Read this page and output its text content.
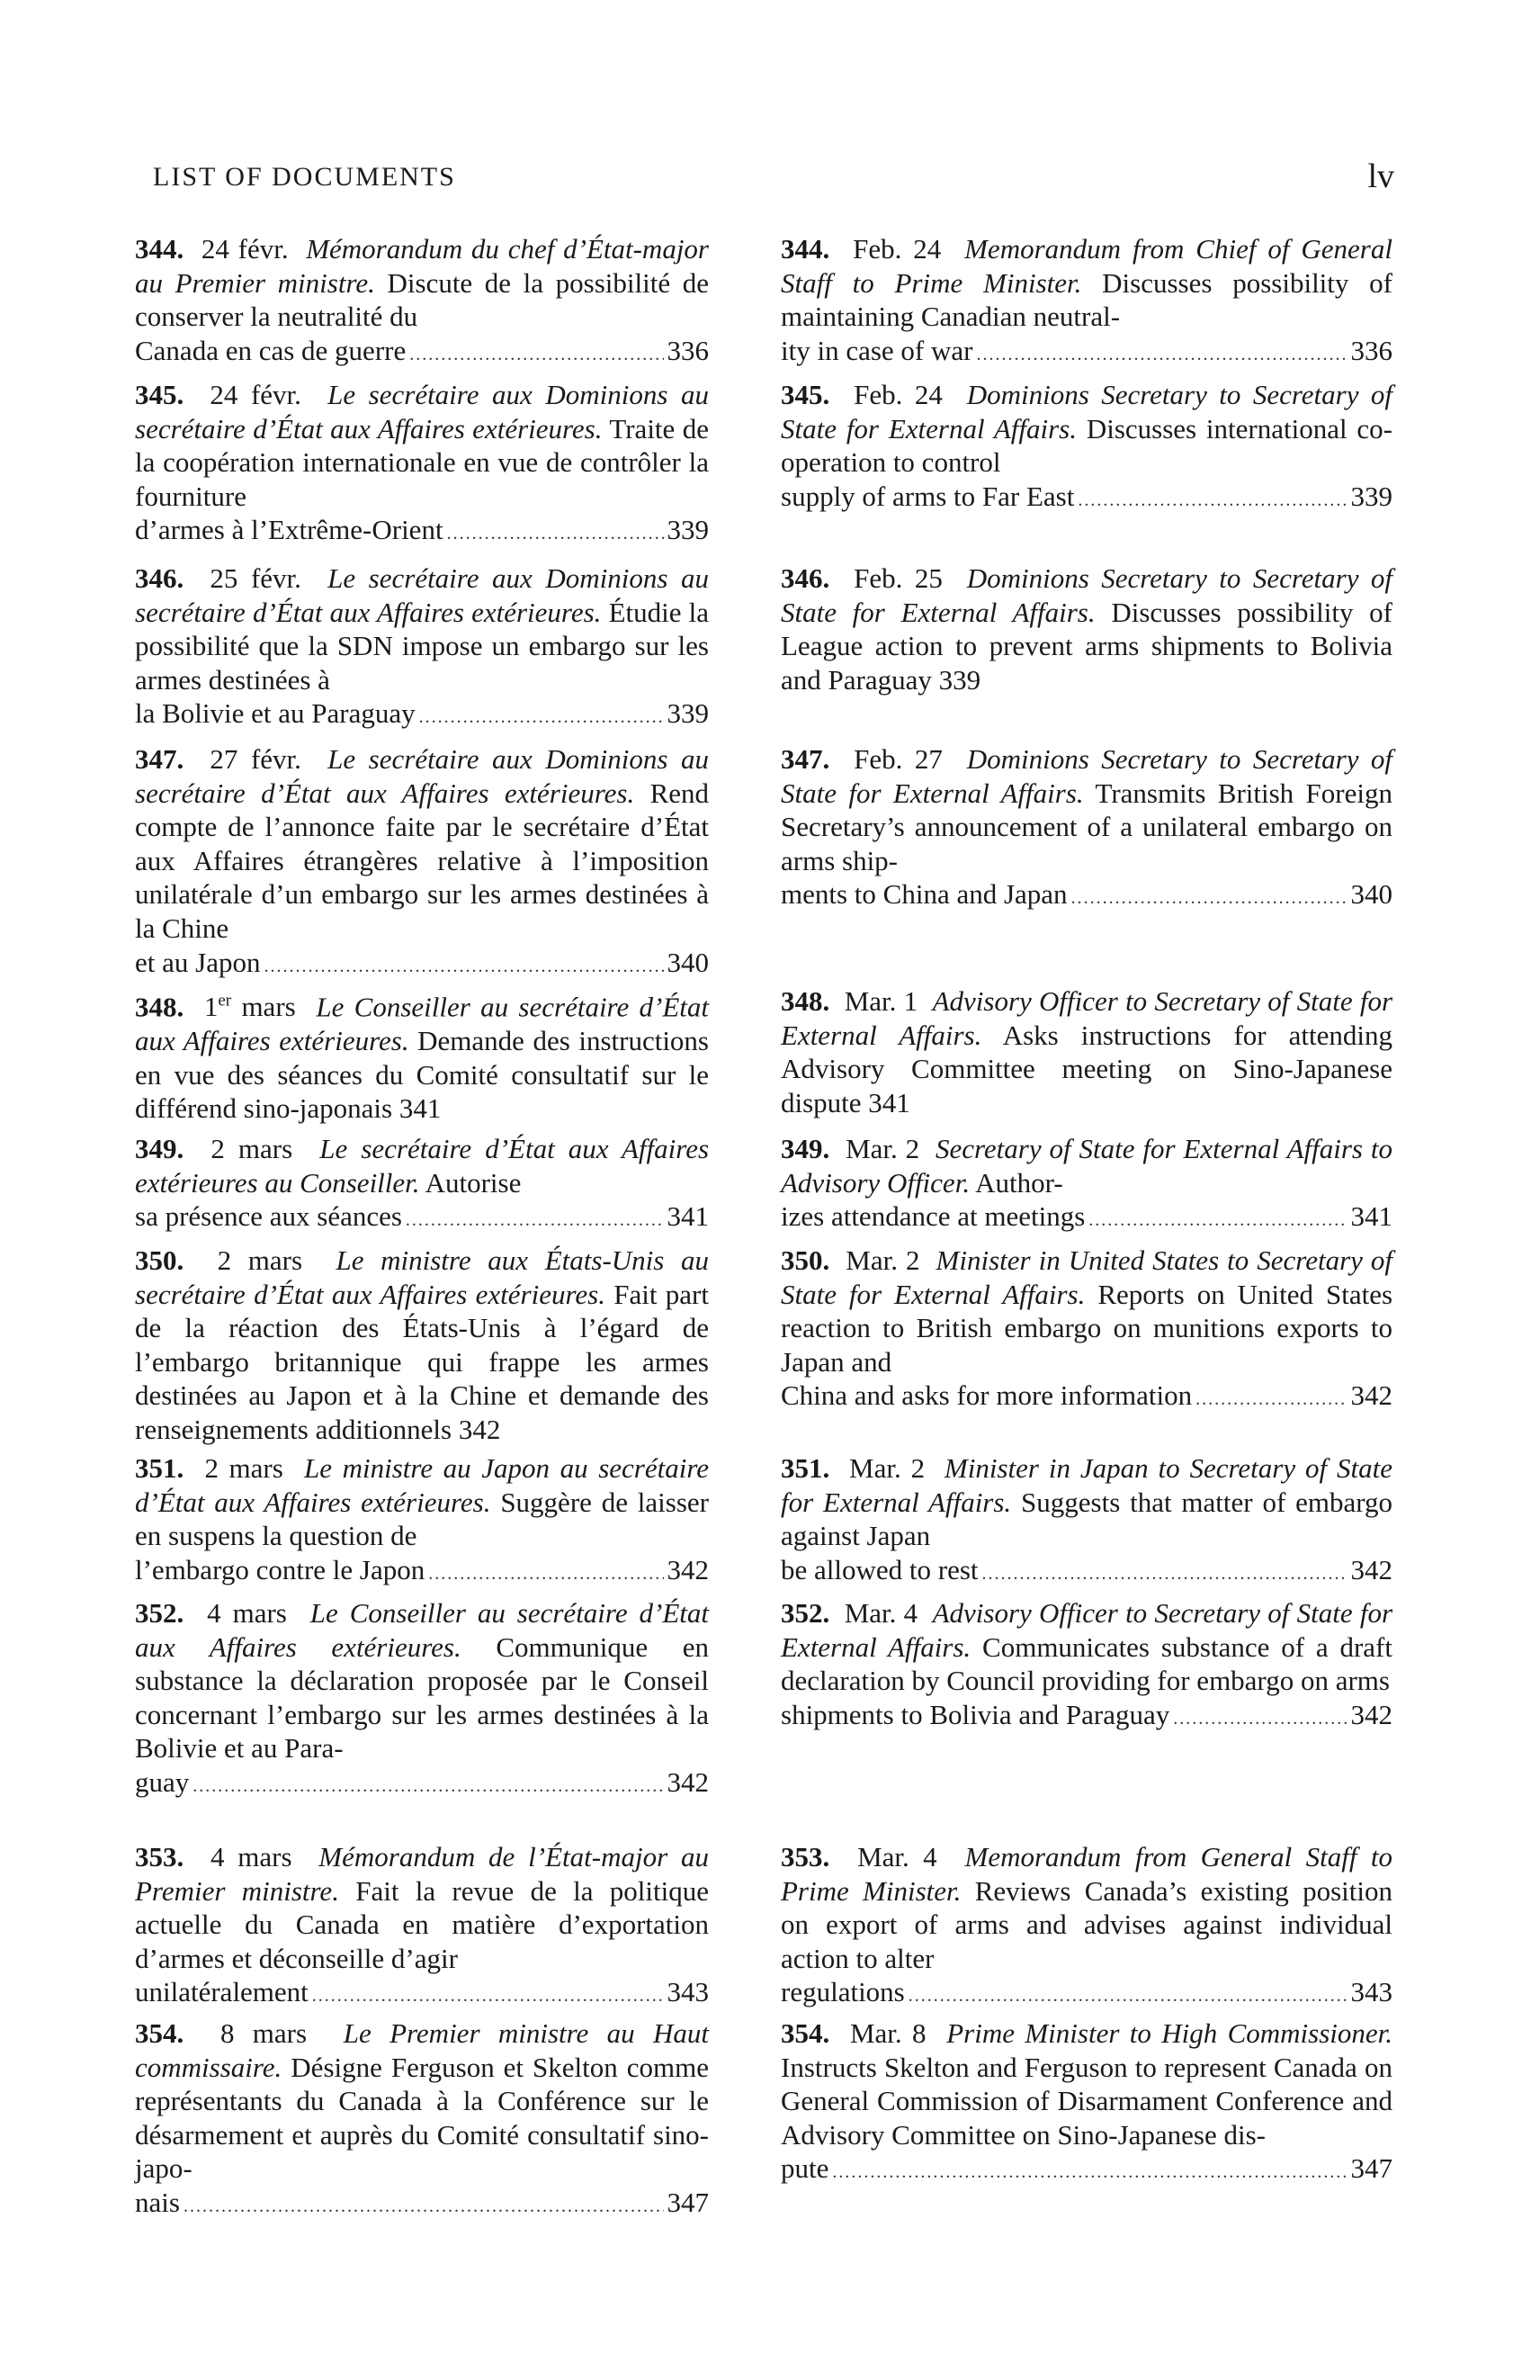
LIST OF DOCUMENTS	lv
344. 24 févr. Mémorandum du chef d’État-major au Premier ministre. Discute de la possibilité de conserver la neutralité du
Canada en cas de guerre .....	336
345. 24 févr. Le secrétaire aux Dominions au secrétaire d’État aux Affaires extérieures. Traite de la coopération internationale en vue de contrôler la fourniture
d’armes à l’Extrême-Orient .....	339
346. 25 févr. Le secrétaire aux Dominions au secrétaire d’État aux Affaires extérieures. Étudie la possibilité que la SDN impose un embargo sur les armes destinées à
la Bolivie et au Paraguay .....	339
347. 27 févr. Le secrétaire aux Dominions au secrétaire d’État aux Affaires extérieures. Rend compte de l’annonce faite par le secrétaire d’État aux Affaires étrangères relative à l’imposition unilatérale d’un embargo sur les armes destinées à la Chine
et au Japon .....	340
348. 1er mars Le Conseiller au secrétaire d’État aux Affaires extérieures. Demande des instructions en vue des séances du Comité consultatif sur le différend sino-japonais 341
349. 2 mars Le secrétaire d’État aux Affaires extérieures au Conseiller. Autorise
sa présence aux séances .....	341
350. 2 mars Le ministre aux États-Unis au secrétaire d’État aux Affaires extérieures. Fait part de la réaction des États-Unis à l’égard de l’embargo britannique qui frappe les armes destinées au Japon et à la Chine et demande des renseignements additionnels 342
351. 2 mars Le ministre au Japon au secrétaire d’État aux Affaires extérieures. Suggère de laisser en suspens la question de
l’embargo contre le Japon .....	342
352. 4 mars Le Conseiller au secrétaire d’État aux Affaires extérieures. Communique en substance la déclaration proposée par le Conseil concernant l’embargo sur les armes destinées à la Bolivie et au Para-
guay .....	342
353. 4 mars Mémorandum de l’État-major au Premier ministre. Fait la revue de la politique actuelle du Canada en matière d’exportation d’armes et déconseille d’agir
unilatéralement .....	343
354. 8 mars Le Premier ministre au Haut commissaire. Désigne Ferguson et Skelton comme représentants du Canada à la Conférence sur le désarmement et auprès du Comité consultatif sino-japo-
nais .....	347
344. Feb. 24 Memorandum from Chief of General Staff to Prime Minister. Discusses possibility of maintaining Canadian neutral-
ity in case of war .....	336
345. Feb. 24 Dominions Secretary to Secretary of State for External Affairs. Discusses international co-operation to control
supply of arms to Far East .....	339
346. Feb. 25 Dominions Secretary to Secretary of State for External Affairs. Discusses possibility of League action to prevent arms shipments to Bolivia and Paraguay 339
347. Feb. 27 Dominions Secretary to Secretary of State for External Affairs. Transmits British Foreign Secretary’s announcement of a unilateral embargo on arms ship-
ments to China and Japan .....	340
348. Mar. 1 Advisory Officer to Secretary of State for External Affairs. Asks instructions for attending Advisory Committee meeting on Sino-Japanese dispute 341
349. Mar. 2 Secretary of State for External Affairs to Advisory Officer. Author-
izes attendance at meetings .....	341
350. Mar. 2 Minister in United States to Secretary of State for External Affairs. Reports on United States reaction to British embargo on munitions exports to Japan and
China and asks for more information .....	342
351. Mar. 2 Minister in Japan to Secretary of State for External Affairs. Suggests that matter of embargo against Japan
be allowed to rest .....	342
352. Mar. 4 Advisory Officer to Secretary of State for External Affairs. Communicates substance of a draft declaration by Council providing for embargo on arms
shipments to Bolivia and Paraguay .....	342
353. Mar. 4 Memorandum from General Staff to Prime Minister. Reviews Canada’s existing position on export of arms and advises against individual action to alter
regulations .....	343
354. Mar. 8 Prime Minister to High Commissioner. Instructs Skelton and Ferguson to represent Canada on General Commission of Disarmament Conference and Advisory Committee on Sino-Japanese dis-
pute .....	347
